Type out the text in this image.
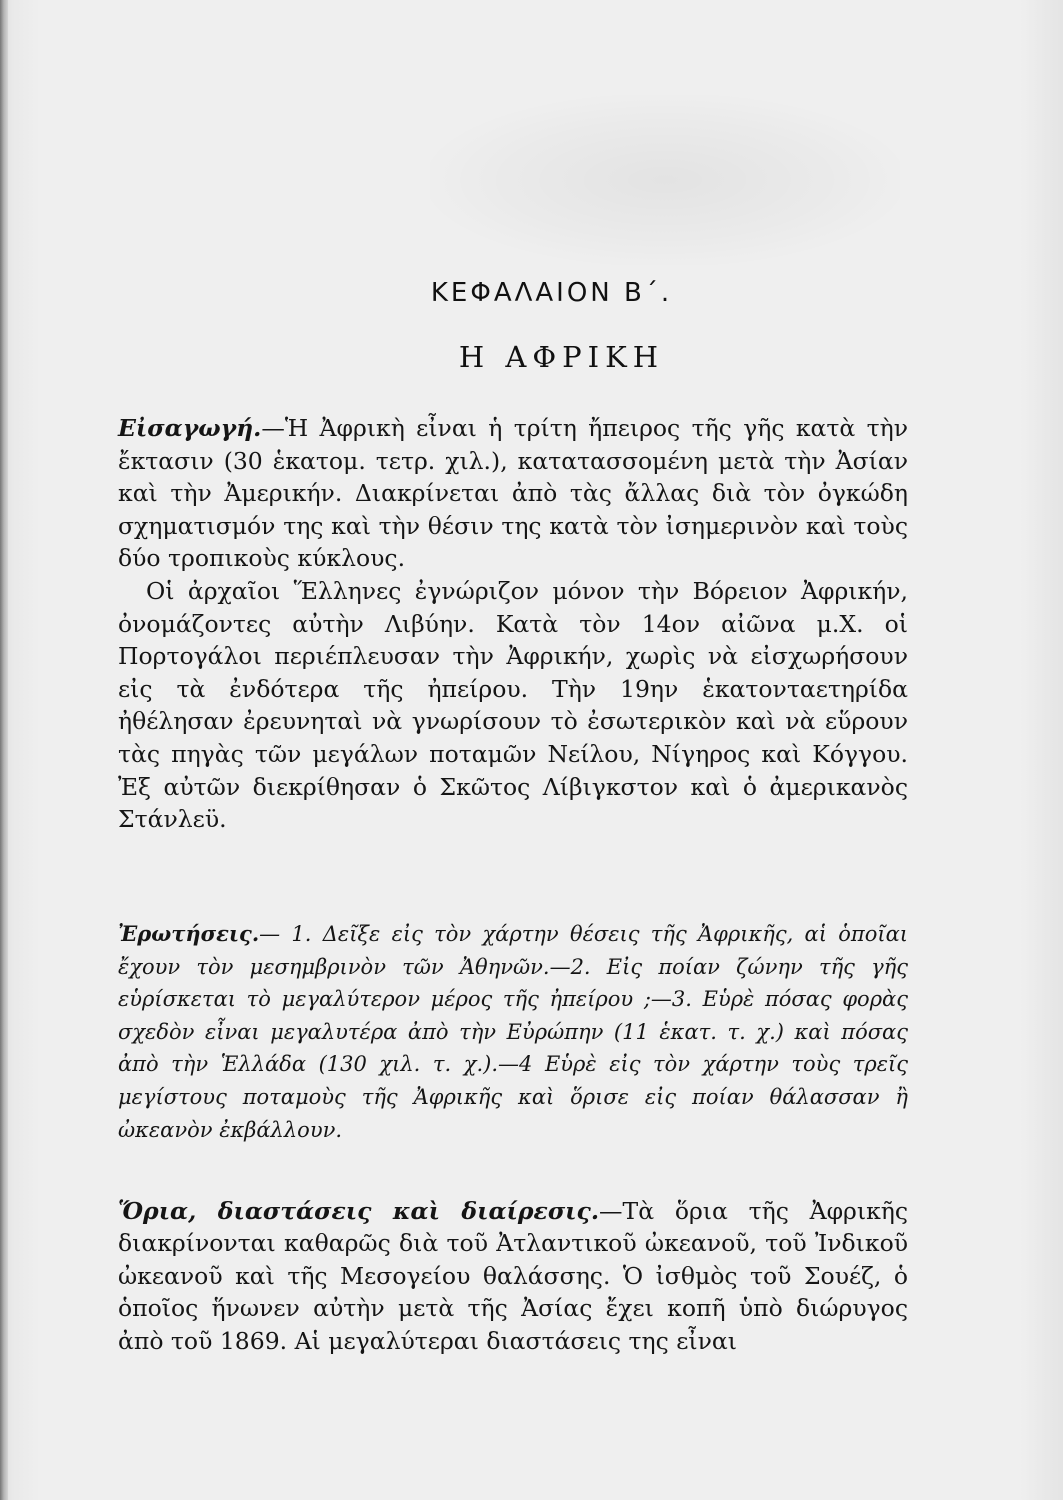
ΚΕΦΑΛΑΙΟΝ Β΄.
Η ΑΦΡΙΚΗ

Εἰσαγωγή.—Ἡ Ἀφρικὴ εἶναι ἡ τρίτη ἤπειρος τῆς γῆς κατὰ τὴν ἔκτασιν (30 ἑκατομ. τετρ. χιλ.), κατατασσομένη μετὰ τὴν Ἀσίαν καὶ τὴν Ἀμερικήν. Διακρίνεται ἀπὸ τὰς ἄλλας διὰ τὸν ὀγκώδη σχηματισμόν της καὶ τὴν θέσιν της κατὰ τὸν ἰσημερινὸν καὶ τοὺς δύο τροπικοὺς κύκλους.

Οἱ ἀρχαῖοι Ἕλληνες ἐγνώριζον μόνον τὴν Βόρειον Ἀφρικήν, ὀνομάζοντες αὐτὴν Λιβύην. Κατὰ τὸν 14ον αἰῶνα μ.Χ. οἱ Πορτογάλοι περιέπλευσαν τὴν Ἀφρικήν, χωρὶς νὰ εἰσχωρήσουν εἰς τὰ ἐνδότερα τῆς ἠπείρου. Τὴν 19ην ἑκατονταετηρίδα ἠθέλησαν ἐρευνηταὶ νὰ γνωρίσουν τὸ ἐσωτερικὸν καὶ νὰ εὕρουν τὰς πηγὰς τῶν μεγάλων ποταμῶν Νείλου, Νίγηρος καὶ Κόγγου. Ἐξ αὐτῶν διεκρίθησαν ὁ Σκῶτος Λίβιγκστον καὶ ὁ ἀμερικανὸς Στάνλεϋ.

Ἐρωτήσεις.— 1. Δεῖξε εἰς τὸν χάρτην θέσεις τῆς Ἀφρικῆς, αἱ ὁποῖαι ἔχουν τὸν μεσημβρινὸν τῶν Ἀθηνῶν.—2. Εἰς ποίαν ζώνην τῆς γῆς εὑρίσκεται τὸ μεγαλύτερον μέρος τῆς ἠπείρου ;—3. Εὑρὲ πόσας φορὰς σχεδὸν εἶναι μεγαλυτέρα ἀπὸ τὴν Εὐρώπην (11 ἑκατ. τ. χ.) καὶ πόσας ἀπὸ τὴν Ἑλλάδα (130 χιλ. τ. χ.).—4 Εὑρὲ εἰς τὸν χάρτην τοὺς τρεῖς μεγίστους ποταμοὺς τῆς Ἀφρικῆς καὶ ὅρισε εἰς ποίαν θάλασσαν ἢ ὠκεανὸν ἐκβάλλουν.
Ὅρια, διαστάσεις καὶ διαίρεσις.—Τὰ ὅρια τῆς Ἀφρικῆς διακρίνονται καθαρῶς διὰ τοῦ Ἀτλαντικοῦ ὠκεανοῦ, τοῦ Ἰνδικοῦ ὠκεανοῦ καὶ τῆς Μεσογείου θαλάσσης. Ὁ ἰσθμὸς τοῦ Σουέζ, ὁ ὁποῖος ἥνωνεν αὐτὴν μετὰ τῆς Ἀσίας ἔχει κοπῆ ὑπὸ διώρυγος ἀπὸ τοῦ 1869. Αἱ μεγαλύτεραι διαστάσεις της εἶναι
